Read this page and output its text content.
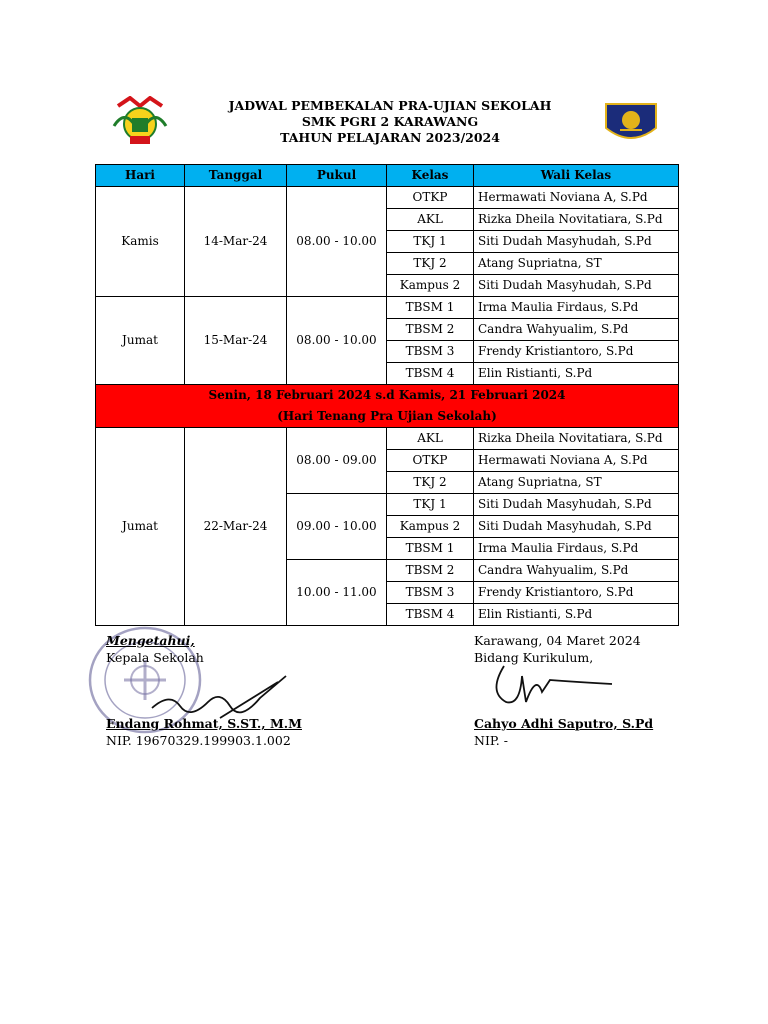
JADWAL PEMBEKALAN PRA-UJIAN SEKOLAH
SMK PGRI 2 KARAWANG
TAHUN PELAJARAN 2023/2024
Hari	Tanggal	Pukul	Kelas	Wali Kelas
Kamis	14-Mar-24	08.00 - 10.00	OTKP	Hermawati Noviana A, S.Pd
			AKL	Rizka Dheila Novitatiara, S.Pd
			TKJ 1	Siti Dudah Masyhudah, S.Pd
			TKJ 2	Atang Supriatna, ST
			Kampus 2	Siti Dudah Masyhudah, S.Pd
Jumat	15-Mar-24	08.00 - 10.00	TBSM 1	Irma Maulia Firdaus, S.Pd
			TBSM 2	Candra Wahyualim, S.Pd
			TBSM 3	Frendy Kristiantoro, S.Pd
			TBSM 4	Elin Ristianti, S.Pd

Senin, 18 Februari 2024 s.d Kamis, 21 Februari 2024
(Hari Tenang Pra Ujian Sekolah)				

Jumat	22-Mar-24	08.00 - 09.00	AKL	Rizka Dheila Novitatiara, S.Pd
			OTKP	Hermawati Noviana A, S.Pd
			TKJ 2	Atang Supriatna, ST
		09.00 - 10.00	TKJ 1	Siti Dudah Masyhudah, S.Pd
			Kampus 2	Siti Dudah Masyhudah, S.Pd
			TBSM 1	Irma Maulia Firdaus, S.Pd
		10.00 - 11.00	TBSM 2	Candra Wahyualim, S.Pd
			TBSM 3	Frendy Kristiantoro, S.Pd
			TBSM 4	Elin Ristianti, S.Pd
Mengetahui,
Kepala Sekolah
Endang Rohmat, S.ST., M.M
NIP. 19670329.199903.1.002
Karawang, 04 Maret 2024
Bidang Kurikulum,
Cahyo Adhi Saputro, S.Pd
NIP. -
